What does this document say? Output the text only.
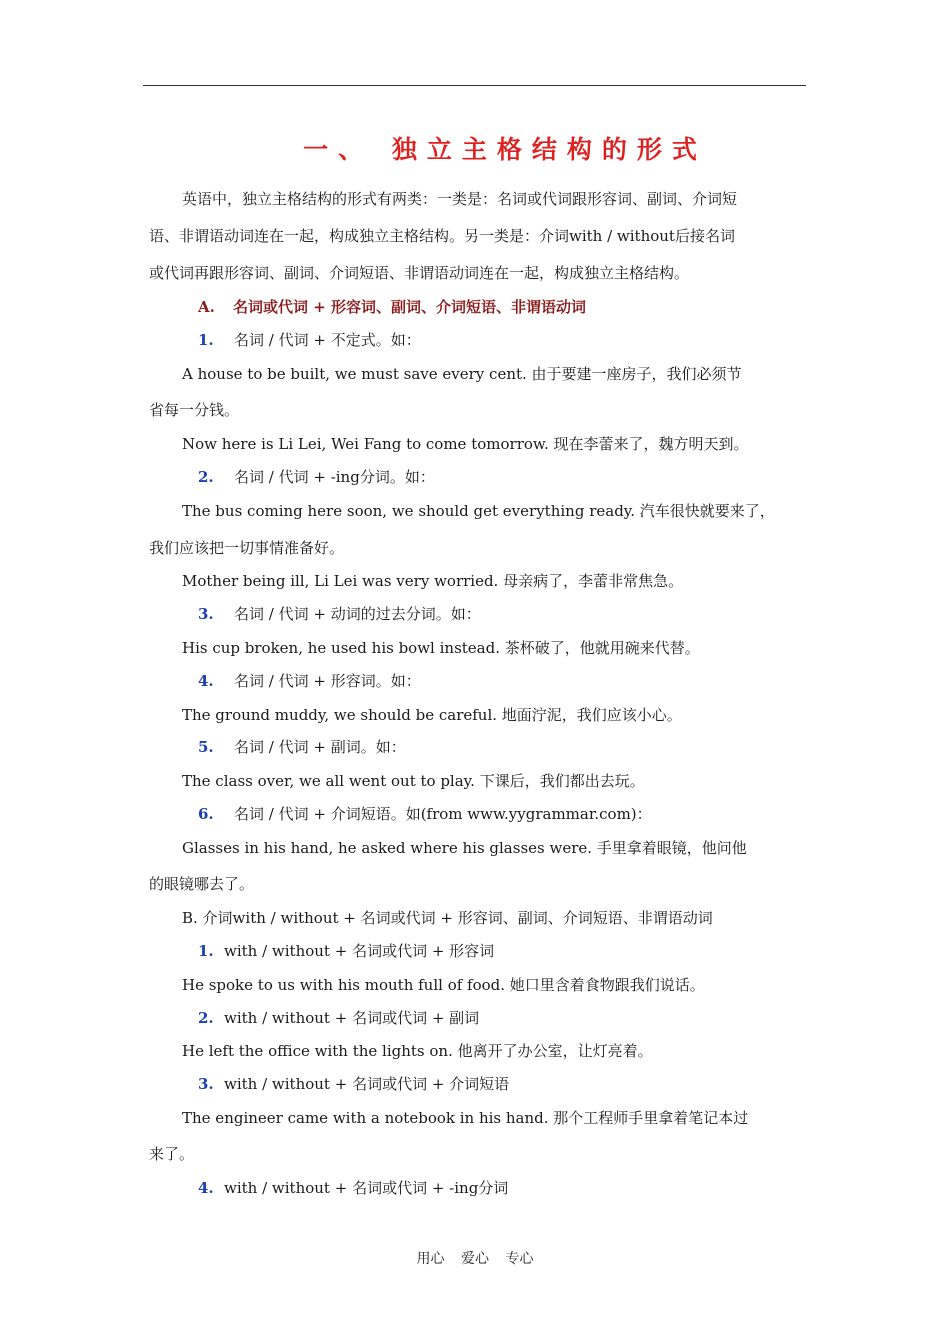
一、 独立主格结构的形式
英语中，独立主格结构的形式有两类：一类是：名词或代词跟形容词、副词、介词短
语、非谓语动词连在一起，构成独立主格结构。另一类是：介词with / without后接名词
或代词再跟形容词、副词、介词短语、非谓语动词连在一起，构成独立主格结构。
A. 名词或代词 + 形容词、副词、介词短语、非谓语动词
1. 名词 / 代词 + 不定式。如：
A house to be built, we must save every cent. 由于要建一座房子，我们必须节
省每一分钱。
Now here is Li Lei, Wei Fang to come tomorrow. 现在李蕾来了，魏方明天到。
2. 名词 / 代词 + -ing分词。如：
The bus coming here soon, we should get everything ready. 汽车很快就要来了，
我们应该把一切事情准备好。
Mother being ill, Li Lei was very worried. 母亲病了，李蕾非常焦急。
3. 名词 / 代词 + 动词的过去分词。如：
His cup broken, he used his bowl instead. 茶杯破了，他就用碗来代替。
4. 名词 / 代词 + 形容词。如：
The ground muddy, we should be careful. 地面泞泥，我们应该小心。
5. 名词 / 代词 + 副词。如：
The class over, we all went out to play. 下课后，我们都出去玩。
6. 名词 / 代词 + 介词短语。如(from www.yygrammar.com)：
Glasses in his hand, he asked where his glasses were. 手里拿着眼镜，他问他
的眼镜哪去了。
B. 介词with / without + 名词或代词 + 形容词、副词、介词短语、非谓语动词
1. with / without + 名词或代词 + 形容词
He spoke to us with his mouth full of food. 她口里含着食物跟我们说话。
2. with / without + 名词或代词 + 副词
He left the office with the lights on. 他离开了办公室，让灯亮着。
3. with / without + 名词或代词 + 介词短语
The engineer came with a notebook in his hand. 那个工程师手里拿着笔记本过
来了。
4. with / without + 名词或代词 + -ing分词
用心 爱心 专心
